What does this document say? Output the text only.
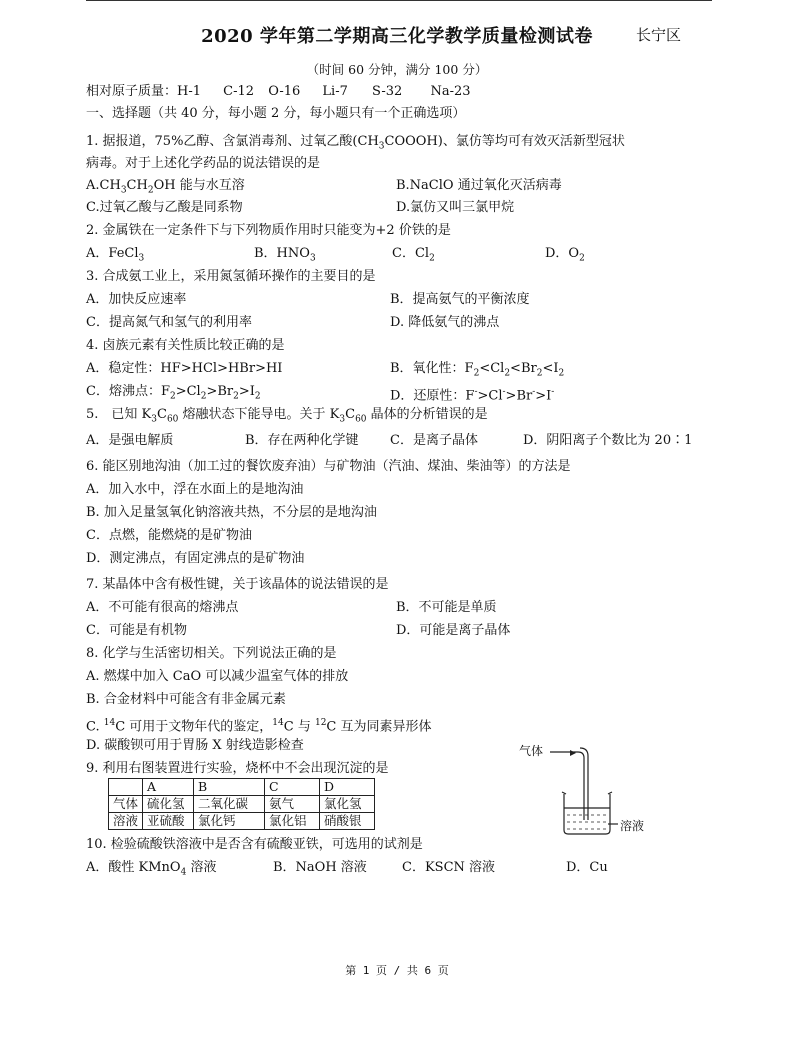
2020 学年第二学期高三化学教学质量检测试卷	长宁区
（时间 60 分钟，满分 100 分）
相对原子质量：H-1 C-12 O-16 Li-7 S-32 Na-23
一、选择题（共 40 分，每小题 2 分，每小题只有一个正确选项）
1. 据报道，75%乙醇、含氯消毒剂、过氧乙酸$(CH_3COOOH)$、氯仿等均可有效灭活新型冠状
病毒。对于上述化学药品的说法错误的是
$A.CH_3CH_2OH$ 能与水互溶	B.NaClO 通过氧化灭活病毒
C.过氧乙酸与乙酸是同系物	D.氯仿又叫三氯甲烷
2. 金属铁在一定条件下与下列物质作用时只能变为+2 价铁的是
A．FeCl$_3$	B．$HNO_3$	C．$Cl_2$	D．$O_2$
3. 合成氨工业上，采用氮氢循环操作的主要目的是
A．加快反应速率	B．提高氨气的平衡浓度
C．提高氮气和氢气的利用率	D. 降低氨气的沸点
4. 卤族元素有关性质比较正确的是
A．稳定性：HF>HCl>HBr>HI	B．氧化性：$F_2<Cl_2<Br_2<I_2$
C．熔沸点：$F_2>Cl_2>Br_2>I_2$	D．还原性：F->Cl->Br->I-
5.　已知 $K_3C_{60}$ 熔融状态下能导电。关于 $K_3C_{60}$ 晶体的分析错误的是
A．是强电解质	B．存在两种化学键 C．是离子晶体	D．阴阳离子个数比为 20∶1
6. 能区别地沟油（加工过的餐饮废弃油）与矿物油（汽油、煤油、柴油等）的方法是
A．加入水中，浮在水面上的是地沟油
B. 加入足量氢氧化钠溶液共热，不分层的是地沟油
C．点燃，能燃烧的是矿物油
D．测定沸点，有固定沸点的是矿物油
7. 某晶体中含有极性键，关于该晶体的说法错误的是
A．不可能有很高的熔沸点	B．不可能是单质
C．可能是有机物	D．可能是离子晶体
8. 化学与生活密切相关。下列说法正确的是
A. 燃煤中加入 CaO 可以减少温室气体的排放
B. 合金材料中可能含有非金属元素
C. $^{14}$C 可用于文物年代的鉴定，$^{14}$C 与 $^{12}$C 互为同素异形体
D. 碳酸钡可用于胃肠 X 射线造影检查
9. 利用右图装置进行实验，烧杯中不会出现沉淀的是
	A	B	C	D
气体	硫化氢	二氧化碳	氨气	氯化氢
溶液	亚硫酸	氯化钙	氯化铝	硝酸银
气体
溶液
10. 检验硫酸铁溶液中是否含有硫酸亚铁，可选用的试剂是
A．酸性 KMnO$_4$ 溶液	B．NaOH 溶液	C．KSCN 溶液	D．Cu
第 1 页 / 共 6 页
